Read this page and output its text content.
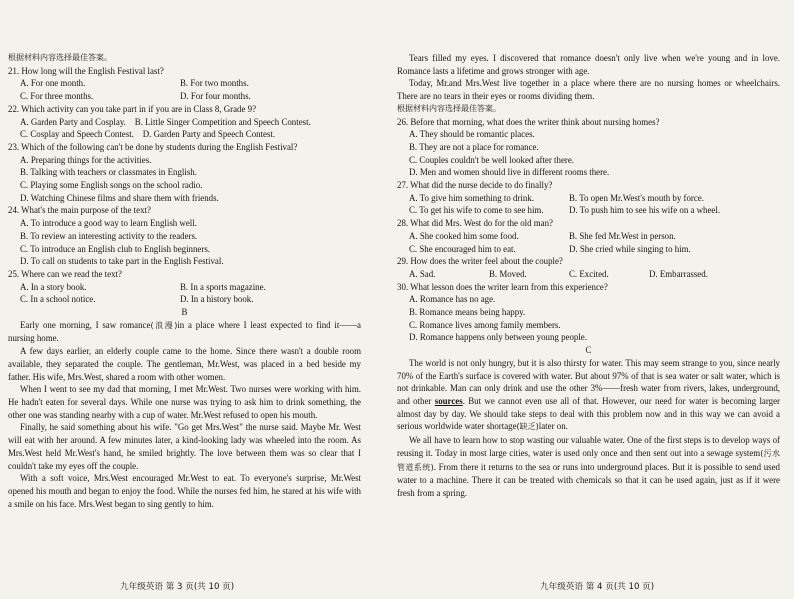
根据材料内容选择最佳答案。
21. How long will the English Festival last?
A. For one month.	B. For two months.
C. For three months.	D. For four months.
22. Which activity can you take part in if you are in Class 8, Grade 9?
A. Garden Party and Cosplay. B. Little Singer Competition and Speech Contest.
C. Cosplay and Speech Contest. D. Garden Party and Speech Contest.
23. Which of the following can't be done by students during the English Festival?
A. Preparing things for the activities.
B. Talking with teachers or classmates in English.
C. Playing some English songs on the school radio.
D. Watching Chinese films and share them with friends.
24. What's the main purpose of the text?
A. To introduce a good way to learn English well.
B. To review an interesting activity to the readers.
C. To introduce an English club to English beginners.
D. To call on students to take part in the English Festival.
25. Where can we read the text?
A. In a story book.	B. In a sports magazine.
C. In a school notice.	D. In a history book.
B
Early one morning, I saw romance(浪漫)in a place where I least expected to find it——a nursing home.
A few days earlier, an elderly couple came to the home. Since there wasn't a double room available, they separated the couple. The gentleman, Mr.West, was placed in a bed beside my father. His wife, Mrs.West, shared a room with other women.
When I went to see my dad that morning, I met Mr.West. Two nurses were working with him. He hadn't eaten for several days. While one nurse was trying to ask him to drink something, the other one was standing nearby with a cup of water. Mr.West refused to open his mouth.
Finally, he said something about his wife. "Go get Mrs.West" the nurse said. Maybe Mr. West will eat with her around. A few minutes later, a kind-looking lady was wheeled into the room. As Mrs.West held Mr.West's hand, he smiled brightly. The love between them was so clear that I couldn't take my eyes off the couple.
With a soft voice, Mrs.West encouraged Mr.West to eat. To everyone's surprise, Mr.West opened his mouth and began to enjoy the food. While the nurses fed him, he stared at his wife with a smile on his face. Mrs.West began to sing gently to him.
Tears filled my eyes. I discovered that romance doesn't only live when we're young and in love. Romance lasts a lifetime and grows stronger with age.
Today, Mr.and Mrs.West live together in a place where there are no nursing homes or wheelchairs. There are no tears in their eyes or rooms dividing them.
根据材料内容选择最佳答案。
26. Before that morning, what does the writer think about nursing homes?
A. They should be romantic places.
B. They are not a place for romance.
C. Couples couldn't be well looked after there.
D. Men and women should live in different rooms there.
27. What did the nurse decide to do finally?
A. To give him something to drink.	B. To open Mr.West's mouth by force.
C. To get his wife to come to see him.	D. To push him to see his wife on a wheel.
28. What did Mrs. West do for the old man?
A. She cooked him some food.	B. She fed Mr.West in person.
C. She encouraged him to eat.	D. She cried while singing to him.
29. How does the writer feel about the couple?
A. Sad.	B. Moved.	C. Excited.	D. Embarrassed.
30. What lesson does the writer learn from this experience?
A. Romance has no age.
B. Romance means being happy.
C. Romance lives among family members.
D. Romance happens only between young people.
C
The world is not only hungry, but it is also thirsty for water. This may seem strange to you, since nearly 70% of the Earth's surface is covered with water. But about 97% of that is sea water or salt water, which is not drinkable. Man can only drink and use the other 3%——fresh water from rivers, lakes, underground, and other sources. But we cannot even use all of that. However, our need for water is becoming larger almost day by day. We should take steps to deal with this problem now and in this way we can avoid a serious worldwide water shortage(缺乏)later on.
We all have to learn how to stop wasting our valuable water. One of the first steps is to develop ways of reusing it. Today in most large cities, water is used only once and then sent out into a sewage system(污水管道系统). From there it returns to the sea or runs into underground places. But it is possible to send used water to a machine. There it can be treated with chemicals so that it can be used again, just as if it were fresh from a spring.
九年级英语 第 3 页(共 10 页)	九年级英语 第 4 页(共 10 页)
